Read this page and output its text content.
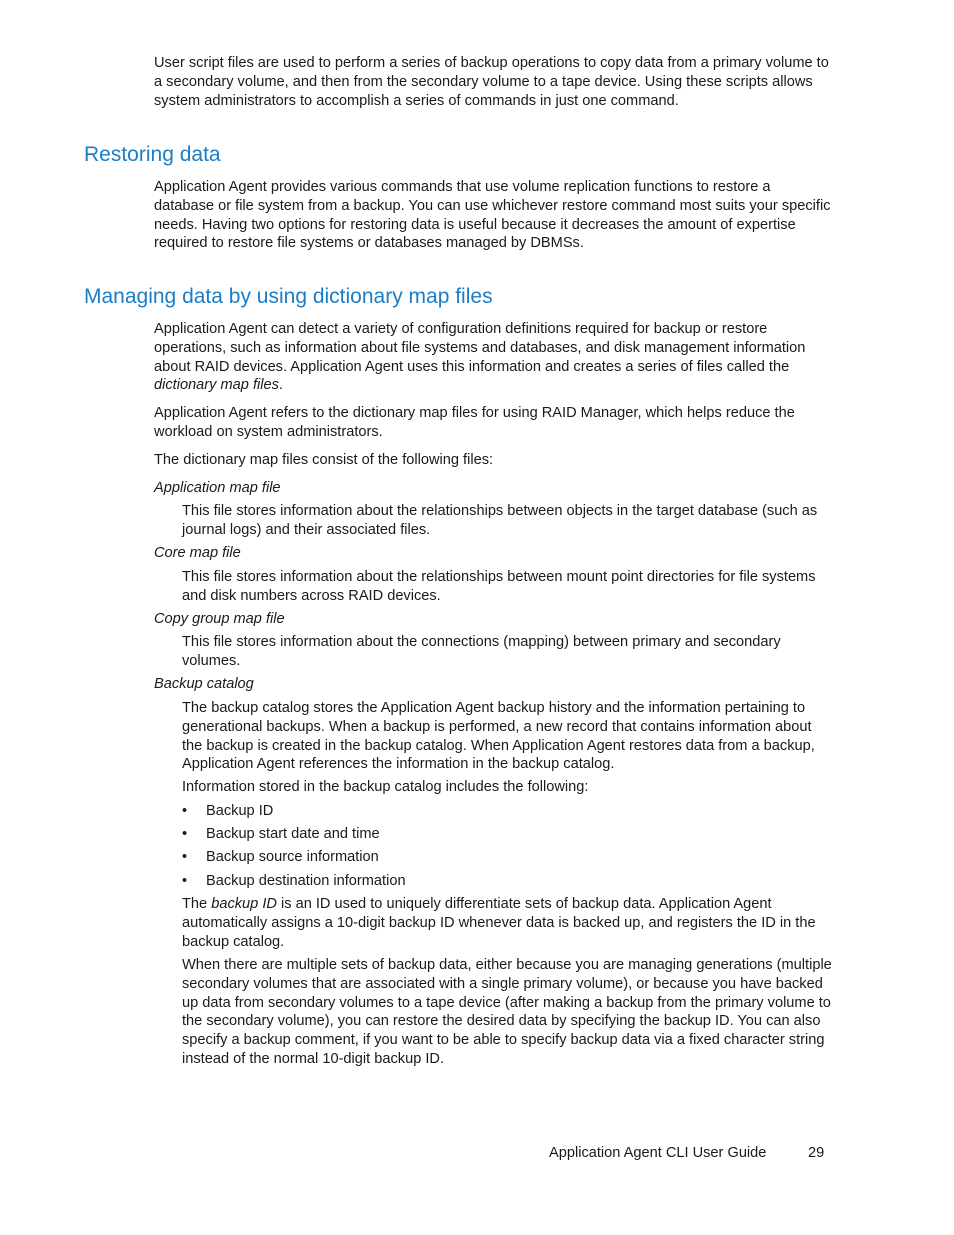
User script files are used to perform a series of backup operations to copy data from a primary volume to a secondary volume, and then from the secondary volume to a tape device. Using these scripts allows system administrators to accomplish a series of commands in just one command.

Restoring data

Application Agent provides various commands that use volume replication functions to restore a database or file system from a backup. You can use whichever restore command most suits your specific needs. Having two options for restoring data is useful because it decreases the amount of expertise required to restore file systems or databases managed by DBMSs.

Managing data by using dictionary map files

Application Agent can detect a variety of configuration definitions required for backup or restore operations, such as information about file systems and databases, and disk management information about RAID devices. Application Agent uses this information and creates a series of files called the dictionary map files.

Application Agent refers to the dictionary map files for using RAID Manager, which helps reduce the workload on system administrators.

The dictionary map files consist of the following files:

Application map file

This file stores information about the relationships between objects in the target database (such as journal logs) and their associated files.

Core map file

This file stores information about the relationships between mount point directories for file systems and disk numbers across RAID devices.

Copy group map file

This file stores information about the connections (mapping) between primary and secondary volumes.

Backup catalog

The backup catalog stores the Application Agent backup history and the information pertaining to generational backups. When a backup is performed, a new record that contains information about the backup is created in the backup catalog. When Application Agent restores data from a backup, Application Agent references the information in the backup catalog.

Information stored in the backup catalog includes the following:

• Backup ID

• Backup start date and time

• Backup source information

• Backup destination information

The backup ID is an ID used to uniquely differentiate sets of backup data. Application Agent automatically assigns a 10-digit backup ID whenever data is backed up, and registers the ID in the backup catalog.

When there are multiple sets of backup data, either because you are managing generations (multiple secondary volumes that are associated with a single primary volume), or because you have backed up data from secondary volumes to a tape device (after making a backup from the primary volume to the secondary volume), you can restore the desired data by specifying the backup ID. You can also specify a backup comment, if you want to be able to specify backup data via a fixed character string instead of the normal 10-digit backup ID.

Application Agent CLI User Guide	29
